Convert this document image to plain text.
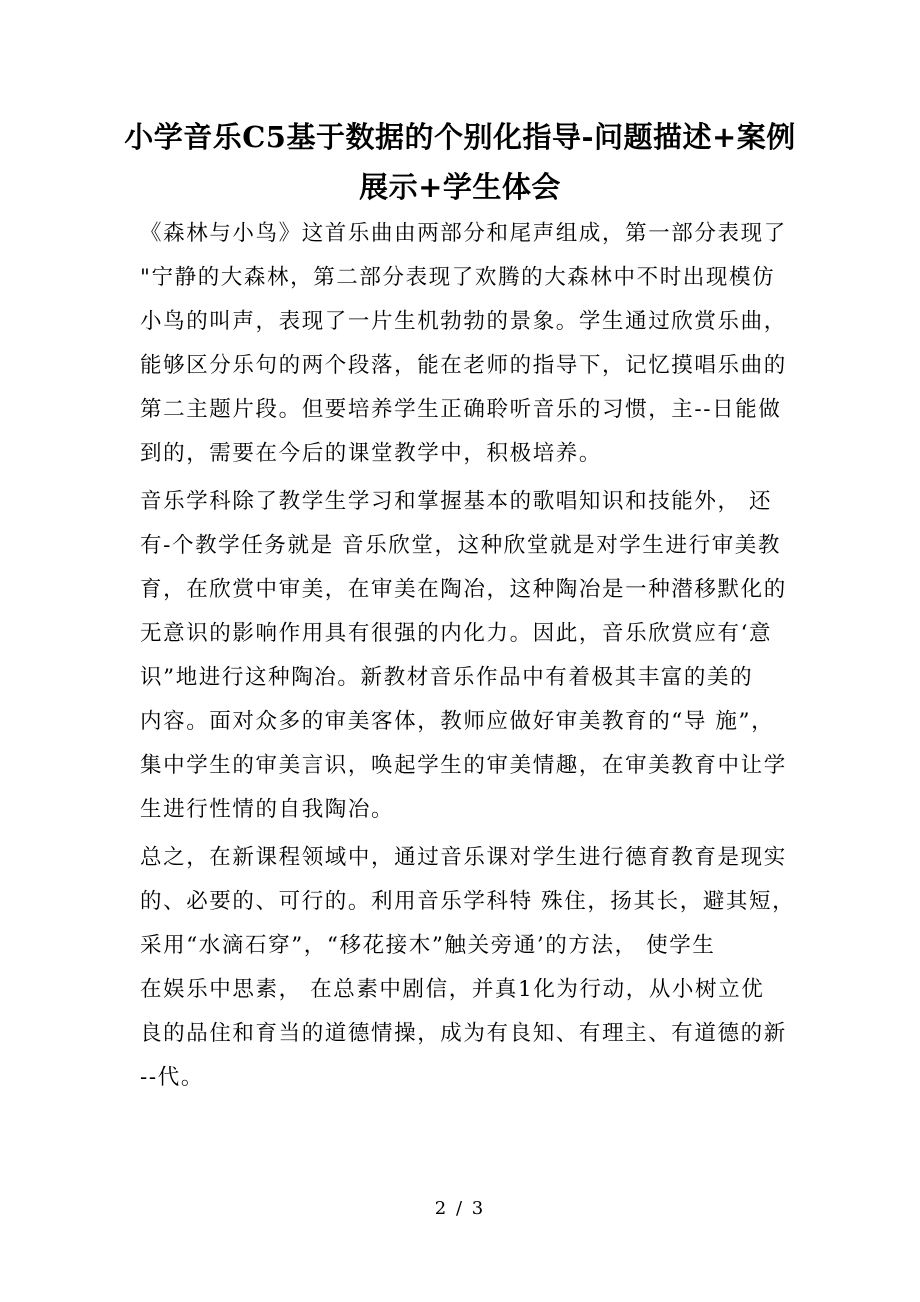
小学音乐C5基于数据的个别化指导-问题描述+案例
展示+学生体会
《森林与小鸟》这首乐曲由两部分和尾声组成，第一部分表现了
"宁静的大森林，第二部分表现了欢腾的大森林中不时出现模仿
小鸟的叫声，表现了一片生机勃勃的景象。学生通过欣赏乐曲，
能够区分乐句的两个段落，能在老师的指导下，记忆摸唱乐曲的
第二主题片段。但要培养学生正确聆听音乐的习惯，主--日能做
到的，需要在今后的课堂教学中，积极培养。
音乐学科除了教学生学习和掌握基本的歌唱知识和技能外， 还
有-个教学任务就是 音乐欣堂，这种欣堂就是对学生进行审美教
育，在欣赏中审美，在审美在陶冶，这种陶冶是一种潜移默化的
无意识的影响作用具有很强的内化力。因此，音乐欣赏应有‘意
识”地进行这种陶冶。新教材音乐作品中有着极其丰富的美的
内容。面对众多的审美客体，教师应做好审美教育的“导 施”，
集中学生的审美言识，唤起学生的审美情趣，在审美教育中让学
生进行性情的自我陶冶。
总之，在新课程领域中，通过音乐课对学生进行德育教育是现实
的、必要的、可行的。利用音乐学科特 殊住，扬其长，避其短，
采用“水滴石穿”，“移花接木”触关旁通’的方法， 使学生
在娱乐中思素， 在总素中剧信，并真1化为行动，从小树立优
良的品住和育当的道德情操，成为有良知、有理主、有道德的新
--代。
2 / 3
